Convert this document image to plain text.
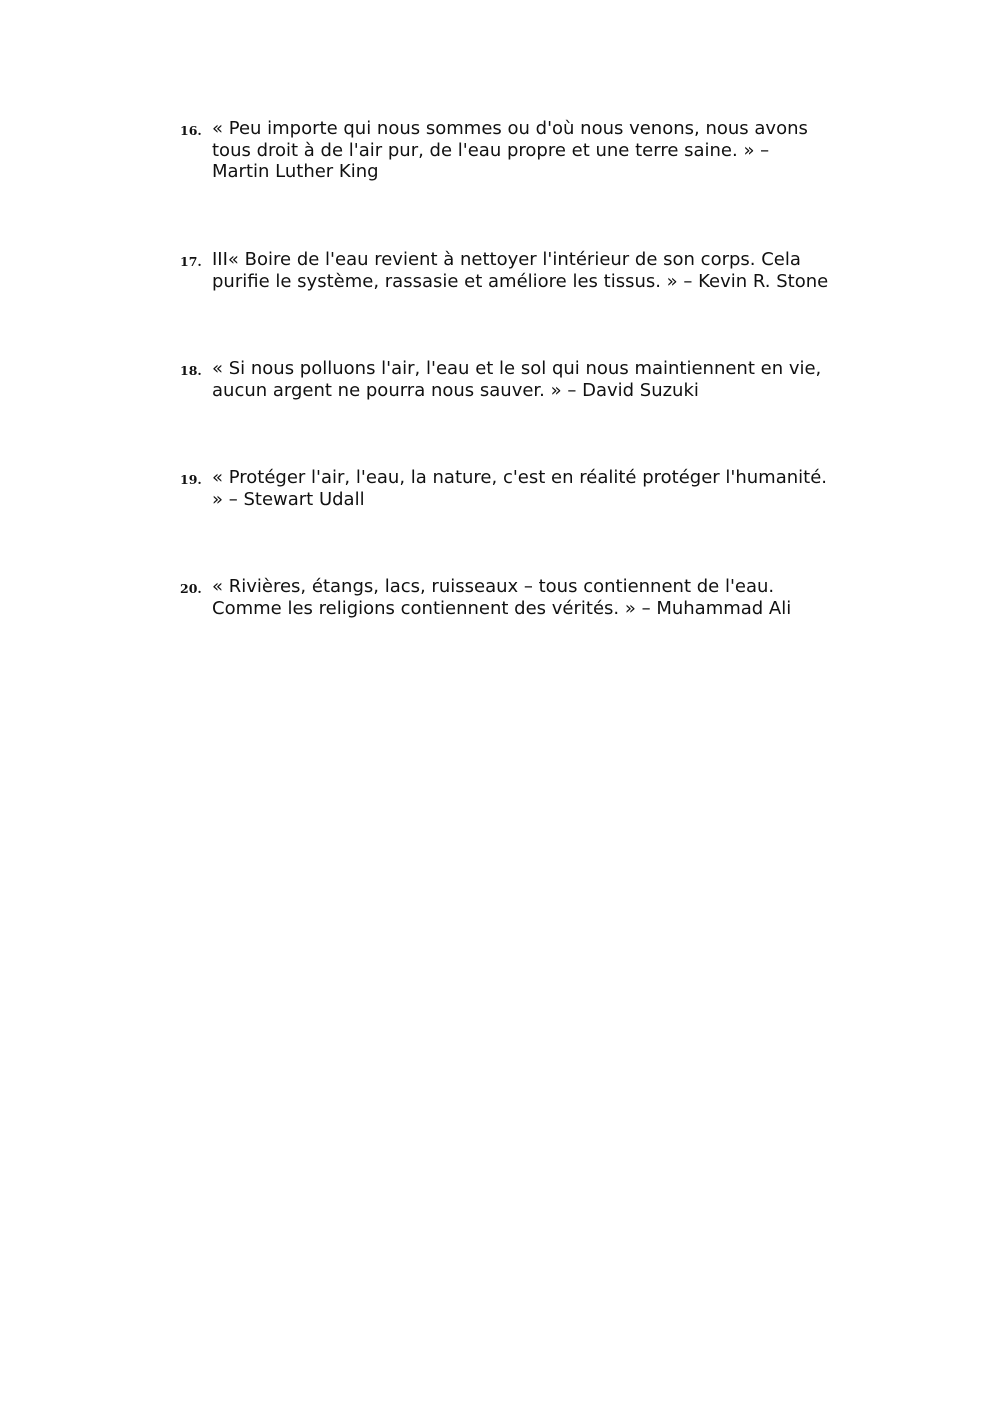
16. « Peu importe qui nous sommes ou d'où nous venons, nous avons
tous droit à de l'air pur, de l'eau propre et une terre saine. » –
Martin Luther King
17. III« Boire de l'eau revient à nettoyer l'intérieur de son corps. Cela
purifie le système, rassasie et améliore les tissus. » – Kevin R. Stone
18. « Si nous polluons l'air, l'eau et le sol qui nous maintiennent en vie,
aucun argent ne pourra nous sauver. » – David Suzuki
19. « Protéger l'air, l'eau, la nature, c'est en réalité protéger l'humanité.
» – Stewart Udall
20. « Rivières, étangs, lacs, ruisseaux – tous contiennent de l'eau.
Comme les religions contiennent des vérités. » – Muhammad Ali
